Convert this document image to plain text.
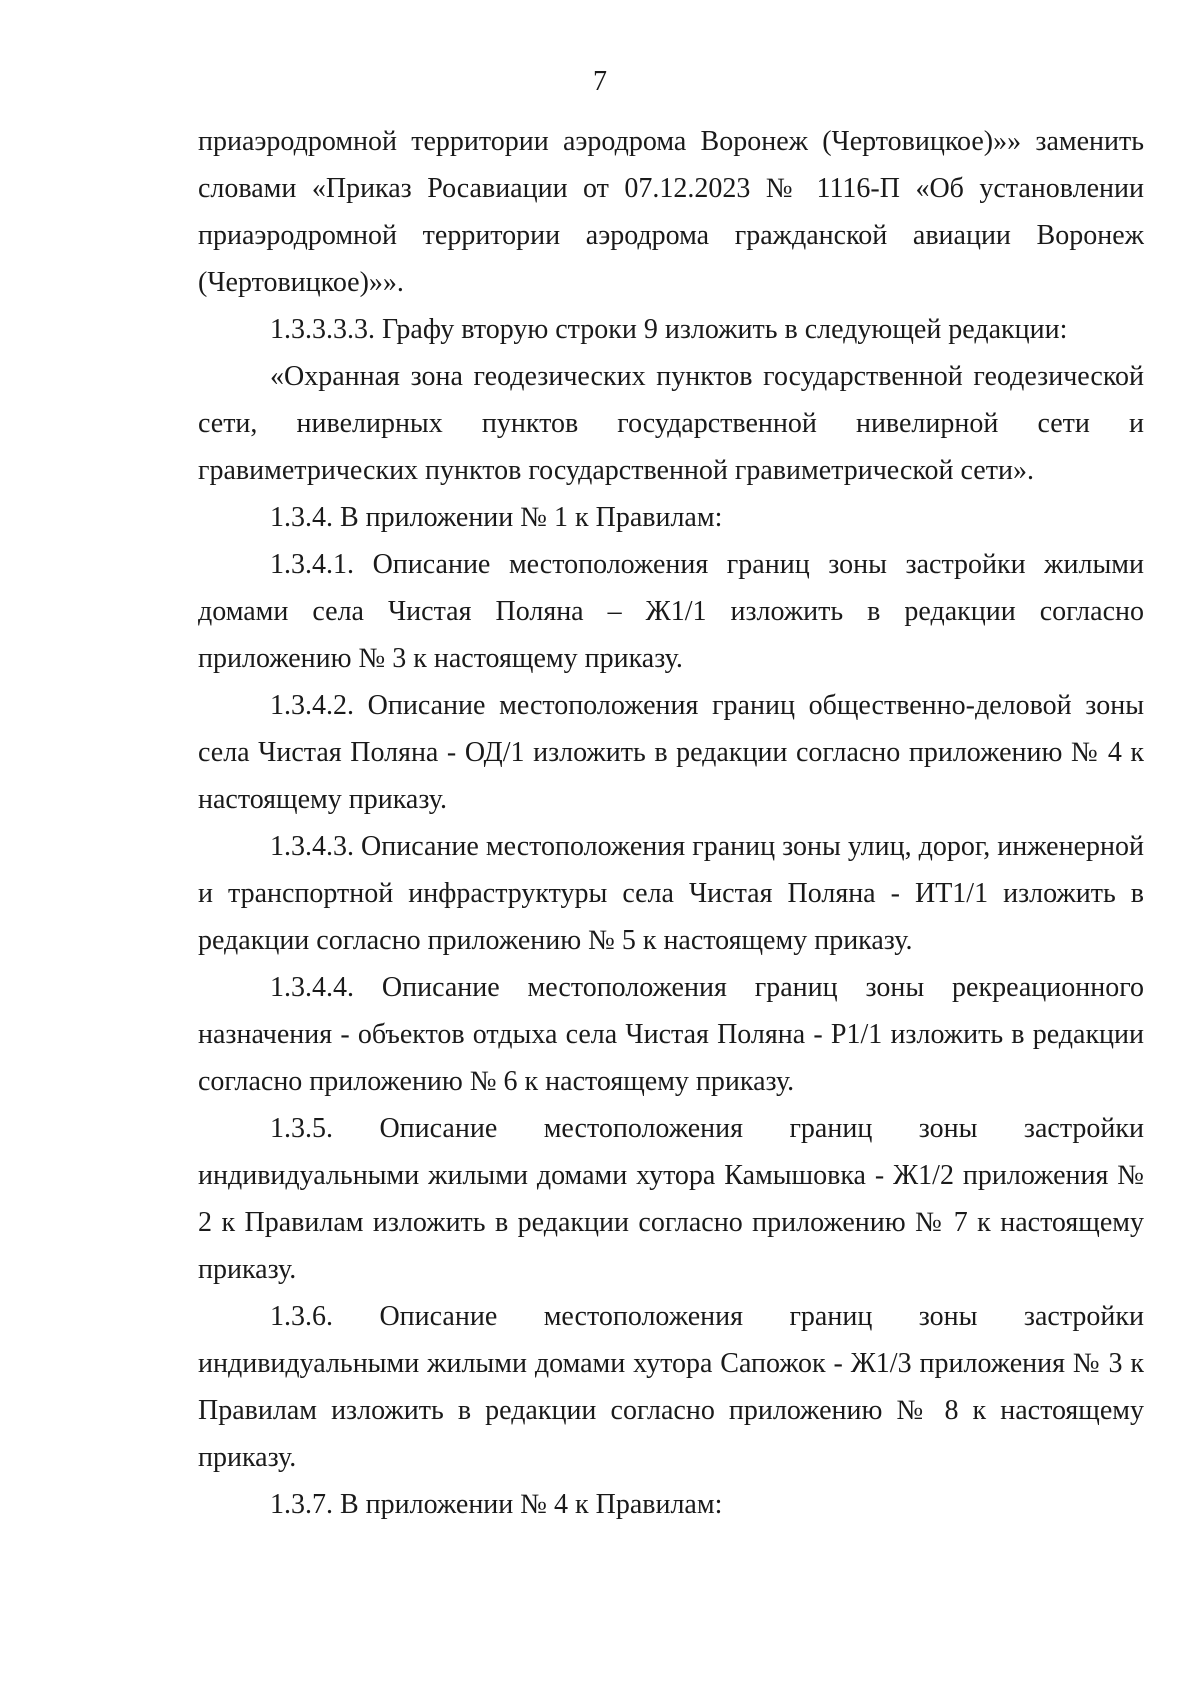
7

приаэродромной территории аэродрома Воронеж (Чертовицкое)»» заменить словами «Приказ Росавиации от 07.12.2023 № 1116-П «Об установлении приаэродромной территории аэродрома гражданской авиации Воронеж (Чертовицкое)»».

1.3.3.3.3. Графу вторую строки 9 изложить в следующей редакции:

«Охранная зона геодезических пунктов государственной геодезической сети, нивелирных пунктов государственной нивелирной сети и гравиметрических пунктов государственной гравиметрической сети».

1.3.4. В приложении № 1 к Правилам:

1.3.4.1. Описание местоположения границ зоны застройки жилыми домами села Чистая Поляна – Ж1/1 изложить в редакции согласно приложению № 3 к настоящему приказу.

1.3.4.2. Описание местоположения границ общественно-деловой зоны села Чистая Поляна - ОД/1 изложить в редакции согласно приложению № 4 к настоящему приказу.

1.3.4.3. Описание местоположения границ зоны улиц, дорог, инженерной и транспортной инфраструктуры села Чистая Поляна - ИТ1/1 изложить в редакции согласно приложению № 5 к настоящему приказу.

1.3.4.4. Описание местоположения границ зоны рекреационного назначения - объектов отдыха села Чистая Поляна - Р1/1 изложить в редакции согласно приложению № 6 к настоящему приказу.

1.3.5. Описание местоположения границ зоны застройки индивидуальными жилыми домами хутора Камышовка - Ж1/2 приложения № 2 к Правилам изложить в редакции согласно приложению № 7 к настоящему приказу.

1.3.6. Описание местоположения границ зоны застройки индивидуальными жилыми домами хутора Сапожок - Ж1/3 приложения № 3 к Правилам изложить в редакции согласно приложению № 8 к настоящему приказу.

1.3.7. В приложении № 4 к Правилам:
